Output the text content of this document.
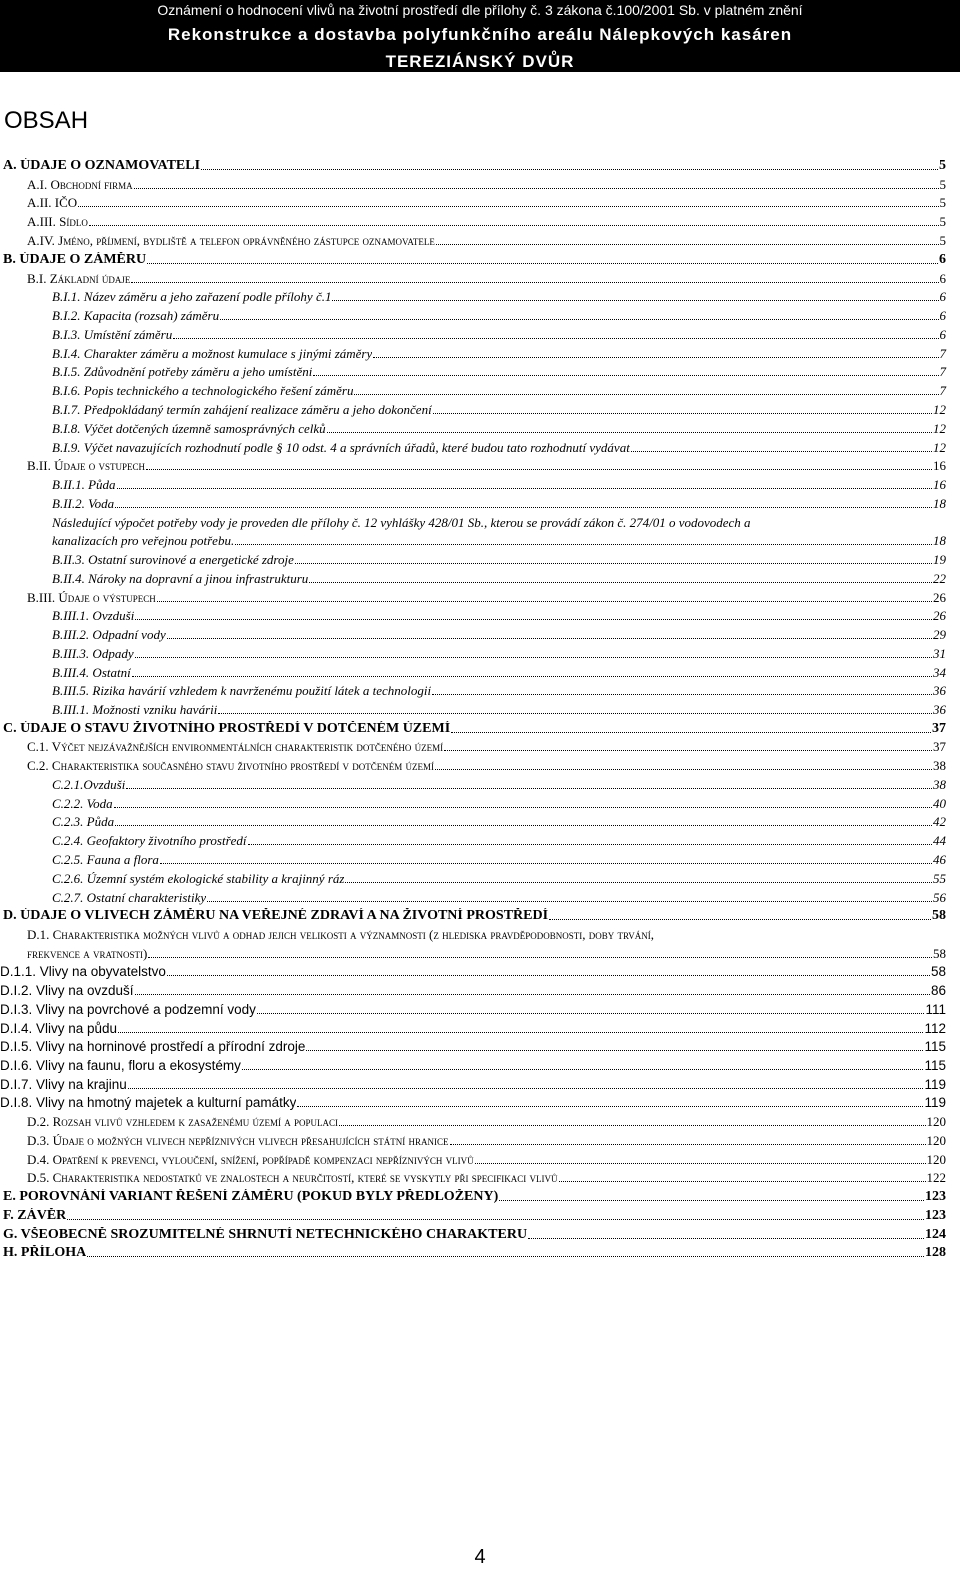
Oznámení o hodnocení vlivů na životní prostředí dle přílohy č. 3 zákona č.100/2001 Sb. v platném znění
Rekonstrukce a dostavba polyfunkčního areálu Nálepkových kasáren
TEREZIÁNSKÝ DVŮR
OBSAH
A. ÚDAJE O OZNAMOVATELI	5
A.I. Obchodní firma	5
A.II. IČO	5
A.III. Sídlo	5
A.IV. Jméno, příjmení, bydliště a telefon oprávněného zástupce oznamovatele	5
B. ÚDAJE O ZÁMĚRU	6
B.I. Základní údaje	6
B.I.1. Název záměru a jeho zařazení podle přílohy č.1	6
B.I.2. Kapacita (rozsah) záměru	6
B.I.3. Umístění záměru	6
B.I.4. Charakter záměru a možnost kumulace s jinými záměry	7
B.I.5. Zdůvodnění potřeby záměru a jeho umístění	7
B.I.6. Popis technického a technologického řešení záměru	7
B.I.7. Předpokládaný termín zahájení realizace záměru a jeho dokončení	12
B.I.8. Výčet dotčených územně samosprávných celků	12
B.I.9. Výčet navazujících rozhodnutí podle § 10 odst. 4 a správních úřadů, které budou tato rozhodnutí vydávat	12
B.II. Údaje o vstupech	16
B.II.1. Půda	16
B.II.2. Voda	18
Následující výpočet potřeby vody je proveden dle přílohy č. 12 vyhlášky 428/01 Sb., kterou se provádí zákon č. 274/01 o vodovodech a
kanalizacích pro veřejnou potřebu.	18
B.II.3. Ostatní surovinové a energetické zdroje	19
B.II.4. Nároky na dopravní a jinou infrastrukturu	22
B.III. Údaje o výstupech	26
B.III.1. Ovzduší	26
B.III.2. Odpadní vody	29
B.III.3. Odpady	31
B.III.4. Ostatní	34
B.III.5. Rizika havárií vzhledem k navrženému použití látek a technologií	36
B.III.1. Možnosti vzniku havárií	36
C. ÚDAJE O STAVU ŽIVOTNÍHO PROSTŘEDÍ V DOTČENÉM ÚZEMÍ	37
C.1. Výčet nejzávažnějších environmentálních charakteristik dotčeného území	37
C.2. Charakteristika současného stavu životního prostředí v dotčeném území	38
C.2.1.Ovzduší	38
C.2.2. Voda	40
C.2.3. Půda	42
C.2.4. Geofaktory životního prostředí	44
C.2.5. Fauna a flora	46
C.2.6. Územní systém ekologické stability a krajinný ráz	55
C.2.7. Ostatní charakteristiky	56
D. ÚDAJE O VLIVECH ZÁMĚRU NA VEŘEJNÉ ZDRAVÍ A NA ŽIVOTNÍ PROSTŘEDÍ	58
D.1. Charakteristika možných vlivů a odhad jejich velikosti a významnosti (z hlediska pravděpodobnosti, doby trvání,
frekvence a vratnosti)	58
D.1.1. Vlivy na obyvatelstvo	58
D.I.2. Vlivy na ovzduší	86
D.I.3. Vlivy na povrchové a podzemní vody	111
D.I.4. Vlivy na půdu	112
D.I.5. Vlivy na horninové prostředí a přírodní zdroje	115
D.I.6. Vlivy na faunu, floru a ekosystémy	115
D.I.7. Vlivy na krajinu	119
D.I.8. Vlivy na hmotný majetek a kulturní památky	119
D.2. Rozsah vlivů vzhledem k zasaženému území a populaci	120
D.3. Údaje o možných vlivech nepříznivých vlivech přesahujících státní hranice	120
D.4. Opatření k prevenci, vyloučení, snížení, popřípadě kompenzaci nepříznivých vlivů	120
D.5. Charakteristika nedostatků ve znalostech a neurčitostí, které se vyskytly při specifikaci vlivů	122
E. POROVNÁNÍ VARIANT ŘEŠENÍ ZÁMĚRU (POKUD BYLY PŘEDLOŽENY)	123
F. ZÁVĚR	123
G. VŠEOBECNĚ SROZUMITELNÉ SHRNUTÍ NETECHNICKÉHO CHARAKTERU	124
H. PŘÍLOHA	128
4
